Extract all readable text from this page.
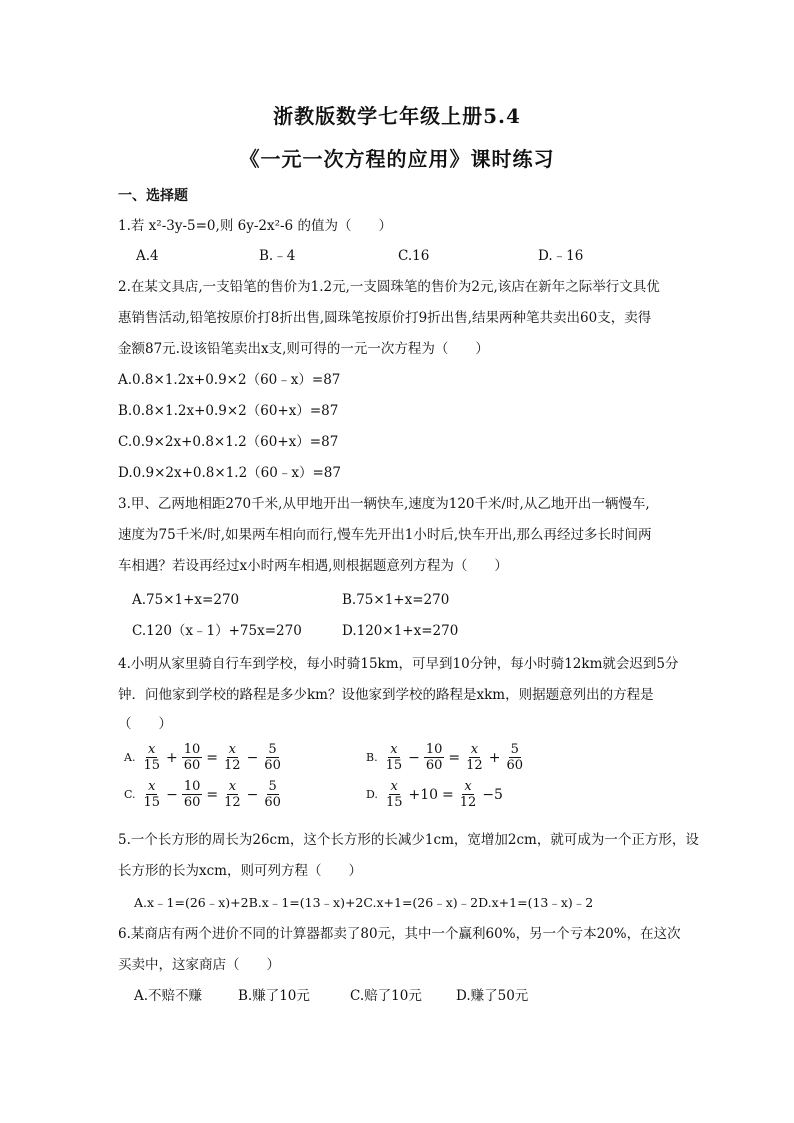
浙教版数学七年级上册5.4
《一元一次方程的应用》课时练习
一、选择题
1.若 x²-3y-5=0,则 6y-2x²-6 的值为（　　）
A.4	B.﹣4	C.16	D.﹣16
2.在某文具店,一支铅笔的售价为1.2元,一支圆珠笔的售价为2元,该店在新年之际举行文具优
惠销售活动,铅笔按原价打8折出售,圆珠笔按原价打9折出售,结果两种笔共卖出60支，卖得
金额87元.设该铅笔卖出x支,则可得的一元一次方程为（　　）
A.0.8×1.2x+0.9×2（60﹣x）=87
B.0.8×1.2x+0.9×2（60+x）=87
C.0.9×2x+0.8×1.2（60+x）=87
D.0.9×2x+0.8×1.2（60﹣x）=87
3.甲、乙两地相距270千米,从甲地开出一辆快车,速度为120千米/时,从乙地开出一辆慢车,
速度为75千米/时,如果两车相向而行,慢车先开出1小时后,快车开出,那么再经过多长时间两
车相遇？若设再经过x小时两车相遇,则根据题意列方程为（　　）
A.75×1+x=270	B.75×1+x=270
C.120（x﹣1）+75x=270	D.120×1+x=270
4.小明从家里骑自行车到学校，每小时骑15km，可早到10分钟，每小时骑12km就会迟到5分
钟．问他家到学校的路程是多少km？设他家到学校的路程是xkm，则据题意列出的方程是
（　　）
A. $\frac{x}{15} + \frac{10}{60} = \frac{x}{12} - \frac{5}{60}$	B. $\frac{x}{15} - \frac{10}{60} = \frac{x}{12} + \frac{5}{60}$
C. $\frac{x}{15} - \frac{10}{60} = \frac{x}{12} - \frac{5}{60}$	D. $\frac{x}{15} +10 = \frac{x}{12} -5$
5.一个长方形的周长为26cm，这个长方形的长减少1cm，宽增加2cm，就可成为一个正方形，设
长方形的长为xcm，则可列方程（　　）
A.x﹣1=(26﹣x)+2B.x﹣1=(13﹣x)+2C.x+1=(26﹣x)﹣2D.x+1=(13﹣x)﹣2
6.某商店有两个进价不同的计算器都卖了80元，其中一个赢利60%，另一个亏本20%，在这次
买卖中，这家商店（　　）
A.不赔不赚	B.赚了10元	C.赔了10元	D.赚了50元
